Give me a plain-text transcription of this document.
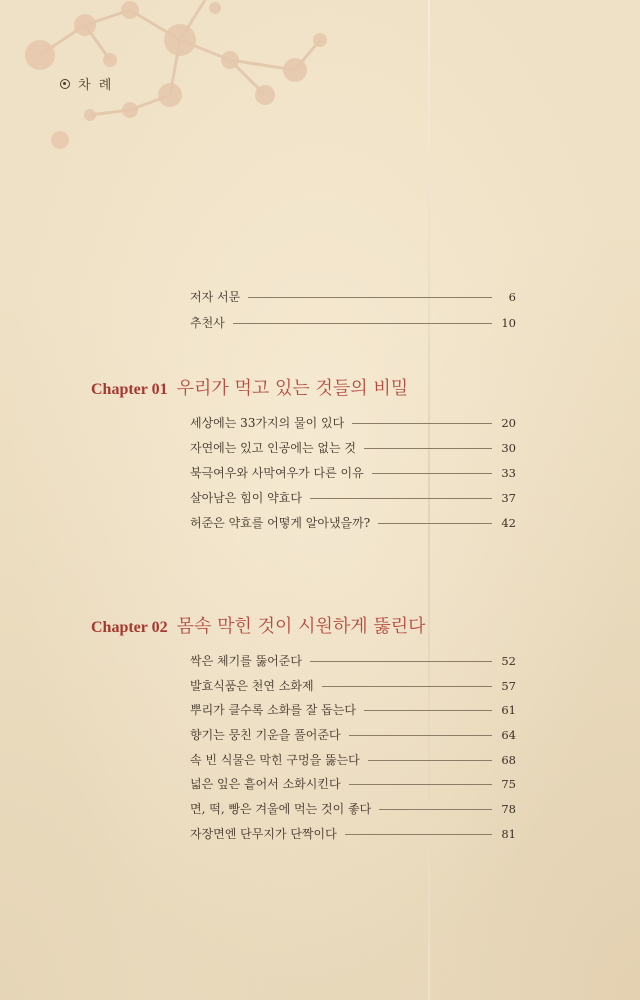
차 례
저자 서문	6
추천사	10
Chapter 01 우리가 먹고 있는 것들의 비밀
세상에는 33가지의 물이 있다	20
자연에는 있고 인공에는 없는 것	30
북극여우와 사막여우가 다른 이유	33
살아남은 힘이 약효다	37
허준은 약효를 어떻게 알아냈을까?	42
Chapter 02 몸속 막힌 것이 시원하게 뚫린다
싹은 체기를 뚫어준다	52
발효식품은 천연 소화제	57
뿌리가 클수록 소화를 잘 돕는다	61
향기는 뭉친 기운을 풀어준다	64
속 빈 식물은 막힌 구멍을 뚫는다	68
넓은 잎은 흩어서 소화시킨다	75
면, 떡, 빵은 겨울에 먹는 것이 좋다	78
자장면엔 단무지가 단짝이다	81
